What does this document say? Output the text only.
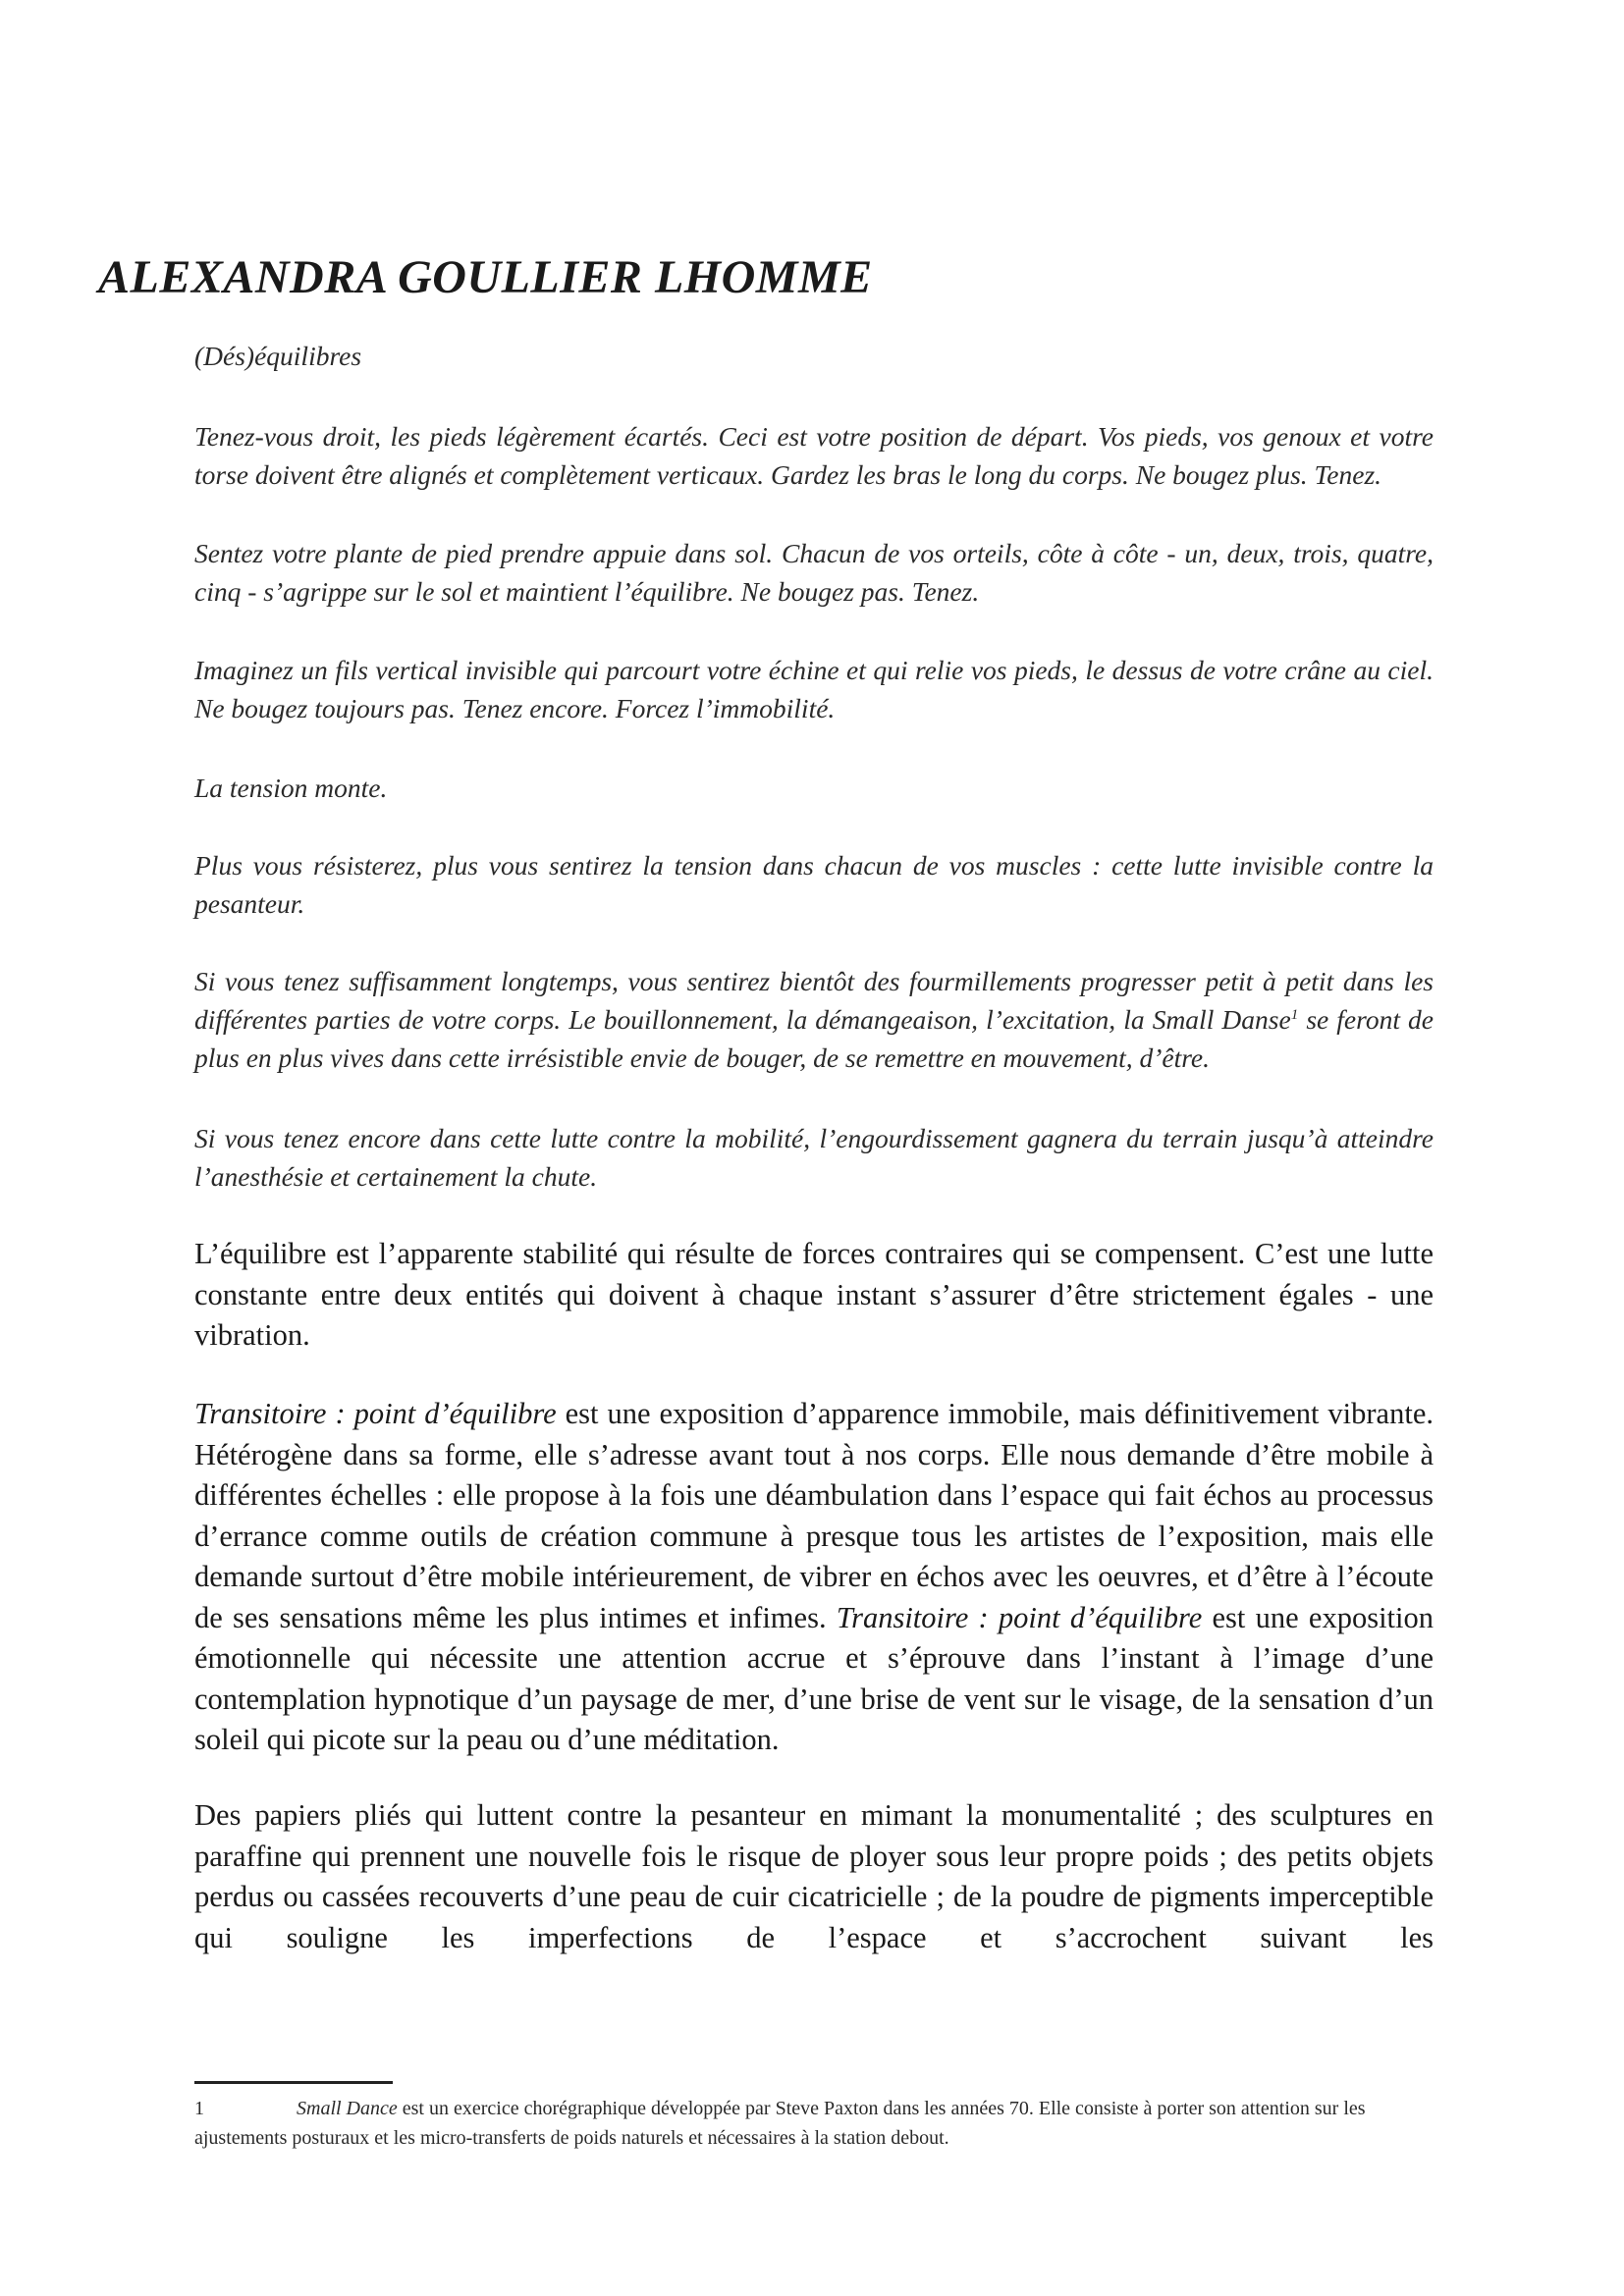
ALEXANDRA GOULLIER LHOMME

(Dés)équilibres

Tenez-vous droit, les pieds légèrement écartés. Ceci est votre position de départ. Vos pieds, vos genoux et votre torse doivent être alignés et complètement verticaux. Gardez les bras le long du corps. Ne bougez plus. Tenez.

Sentez votre plante de pied prendre appuie dans sol. Chacun de vos orteils, côte à côte - un, deux, trois, quatre, cinq - s’agrippe sur le sol et maintient l’équilibre. Ne bougez pas. Tenez.

Imaginez un fils vertical invisible qui parcourt votre échine et qui relie vos pieds, le dessus de votre crâne au ciel. Ne bougez toujours pas. Tenez encore. Forcez l’immobilité.

La tension monte.

Plus vous résisterez, plus vous sentirez la tension dans chacun de vos muscles : cette lutte invisible contre la pesanteur.

Si vous tenez suffisamment longtemps, vous sentirez bientôt des fourmillements progresser petit à petit dans les différentes parties de votre corps. Le bouillonnement, la démangeaison, l’excitation, la Small Danse$^1$ se feront de plus en plus vives dans cette irrésistible envie de bouger, de se remettre en mouvement, d’être.

Si vous tenez encore dans cette lutte contre la mobilité, l’engourdissement gagnera du terrain jusqu’à atteindre l’anesthésie et certainement la chute.

L’équilibre est l’apparente stabilité qui résulte de forces contraires qui se compensent. C’est une lutte constante entre deux entités qui doivent à chaque instant s’assurer d’être strictement égales - une vibration.

Transitoire : point d’équilibre est une exposition d’apparence immobile, mais définitivement vibrante. Hétérogène dans sa forme, elle s’adresse avant tout à nos corps. Elle nous demande d’être mobile à différentes échelles : elle propose à la fois une déambulation dans l’espace qui fait échos au processus d’errance comme outils de création commune à presque tous les artistes de l’exposition, mais elle demande surtout d’être mobile intérieurement, de vibrer en échos avec les oeuvres, et d’être à l’écoute de ses sensations même les plus intimes et infimes. Transitoire : point d’équilibre est une exposition émotionnelle qui nécessite une attention accrue et s’éprouve dans l’instant à l’image d’une contemplation hypnotique d’un paysage de mer, d’une brise de vent sur le visage, de la sensation d’un soleil qui picote sur la peau ou d’une méditation.

Des papiers pliés qui luttent contre la pesanteur en mimant la monumentalité ; des sculptures en paraffine qui prennent une nouvelle fois le risque de ployer sous leur propre poids ; des petits objets perdus ou cassées recouverts d’une peau de cuir cicatricielle ; de la poudre de pigments imperceptible qui souligne les imperfections de l’espace et s’accrochent suivant les

1	Small Dance est un exercice chorégraphique développée par Steve Paxton dans les années 70. Elle consiste à porter son attention sur les ajustements posturaux et les micro-transferts de poids naturels et nécessaires à la station debout.
